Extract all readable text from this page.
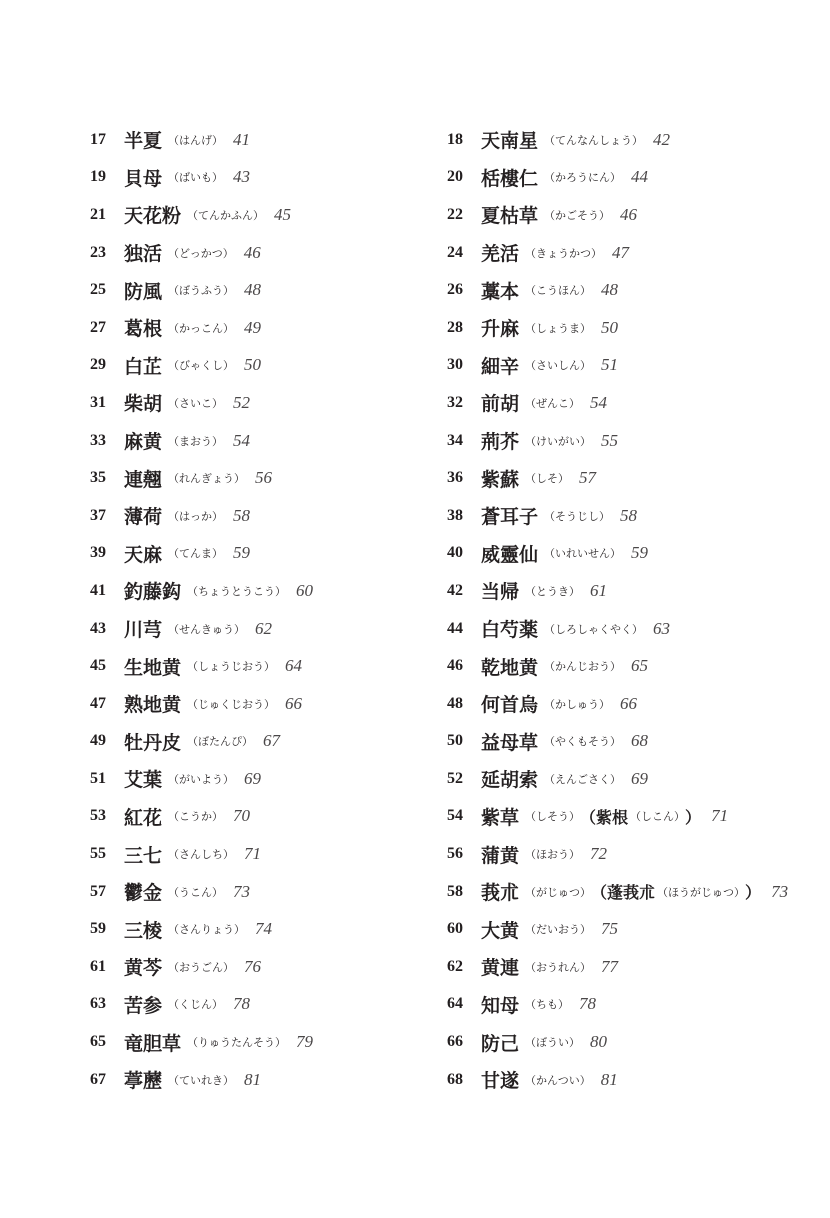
17 半夏 （はんげ） 41
19 貝母 （ばいも） 43
21 天花粉 （てんかふん） 45
23 独活 （どっかつ） 46
25 防風 （ぼうふう） 48
27 葛根 （かっこん） 49
29 白芷 （びゃくし） 50
31 柴胡 （さいこ） 52
33 麻黄 （まおう） 54
35 連翹 （れんぎょう） 56
37 薄荷 （はっか） 58
39 天麻 （てんま） 59
41 釣藤鈎 （ちょうとうこう） 60
43 川芎 （せんきゅう） 62
45 生地黄 （しょうじおう） 64
47 熟地黄 （じゅくじおう） 66
49 牡丹皮 （ぼたんぴ） 67
51 艾葉 （がいよう） 69
53 紅花 （こうか） 70
55 三七 （さんしち） 71
57 鬱金 （うこん） 73
59 三棱 （さんりょう） 74
61 黄芩 （おうごん） 76
63 苦参 （くじん） 78
65 竜胆草 （りゅうたんそう） 79
67 葶藶 （ていれき） 81
18 天南星 （てんなんしょう） 42
20 栝樓仁 （かろうにん） 44
22 夏枯草 （かごそう） 46
24 羌活 （きょうかつ） 47
26 藁本 （こうほん） 48
28 升麻 （しょうま） 50
30 細辛 （さいしん） 51
32 前胡 （ぜんこ） 54
34 荊芥 （けいがい） 55
36 紫蘇 （しそ） 57
38 蒼耳子 （そうじし） 58
40 威靈仙 （いれいせん） 59
42 当帰 （とうき） 61
44 白芍薬 （しろしゃくやく） 63
46 乾地黄 （かんじおう） 65
48 何首烏 （かしゅう） 66
50 益母草 （やくもそう） 68
52 延胡索 （えんごさく） 69
54 紫草 （しそう） （ 紫根 （しこん） ） 71
56 蒲黄 （ほおう） 72
58 莪朮 （がじゅつ） （ 蓬莪朮 （ほうがじゅつ） ） 73
60 大黄 （だいおう） 75
62 黄連 （おうれん） 77
64 知母 （ちも） 78
66 防己 （ぼうい） 80
68 甘遂 （かんつい） 81
